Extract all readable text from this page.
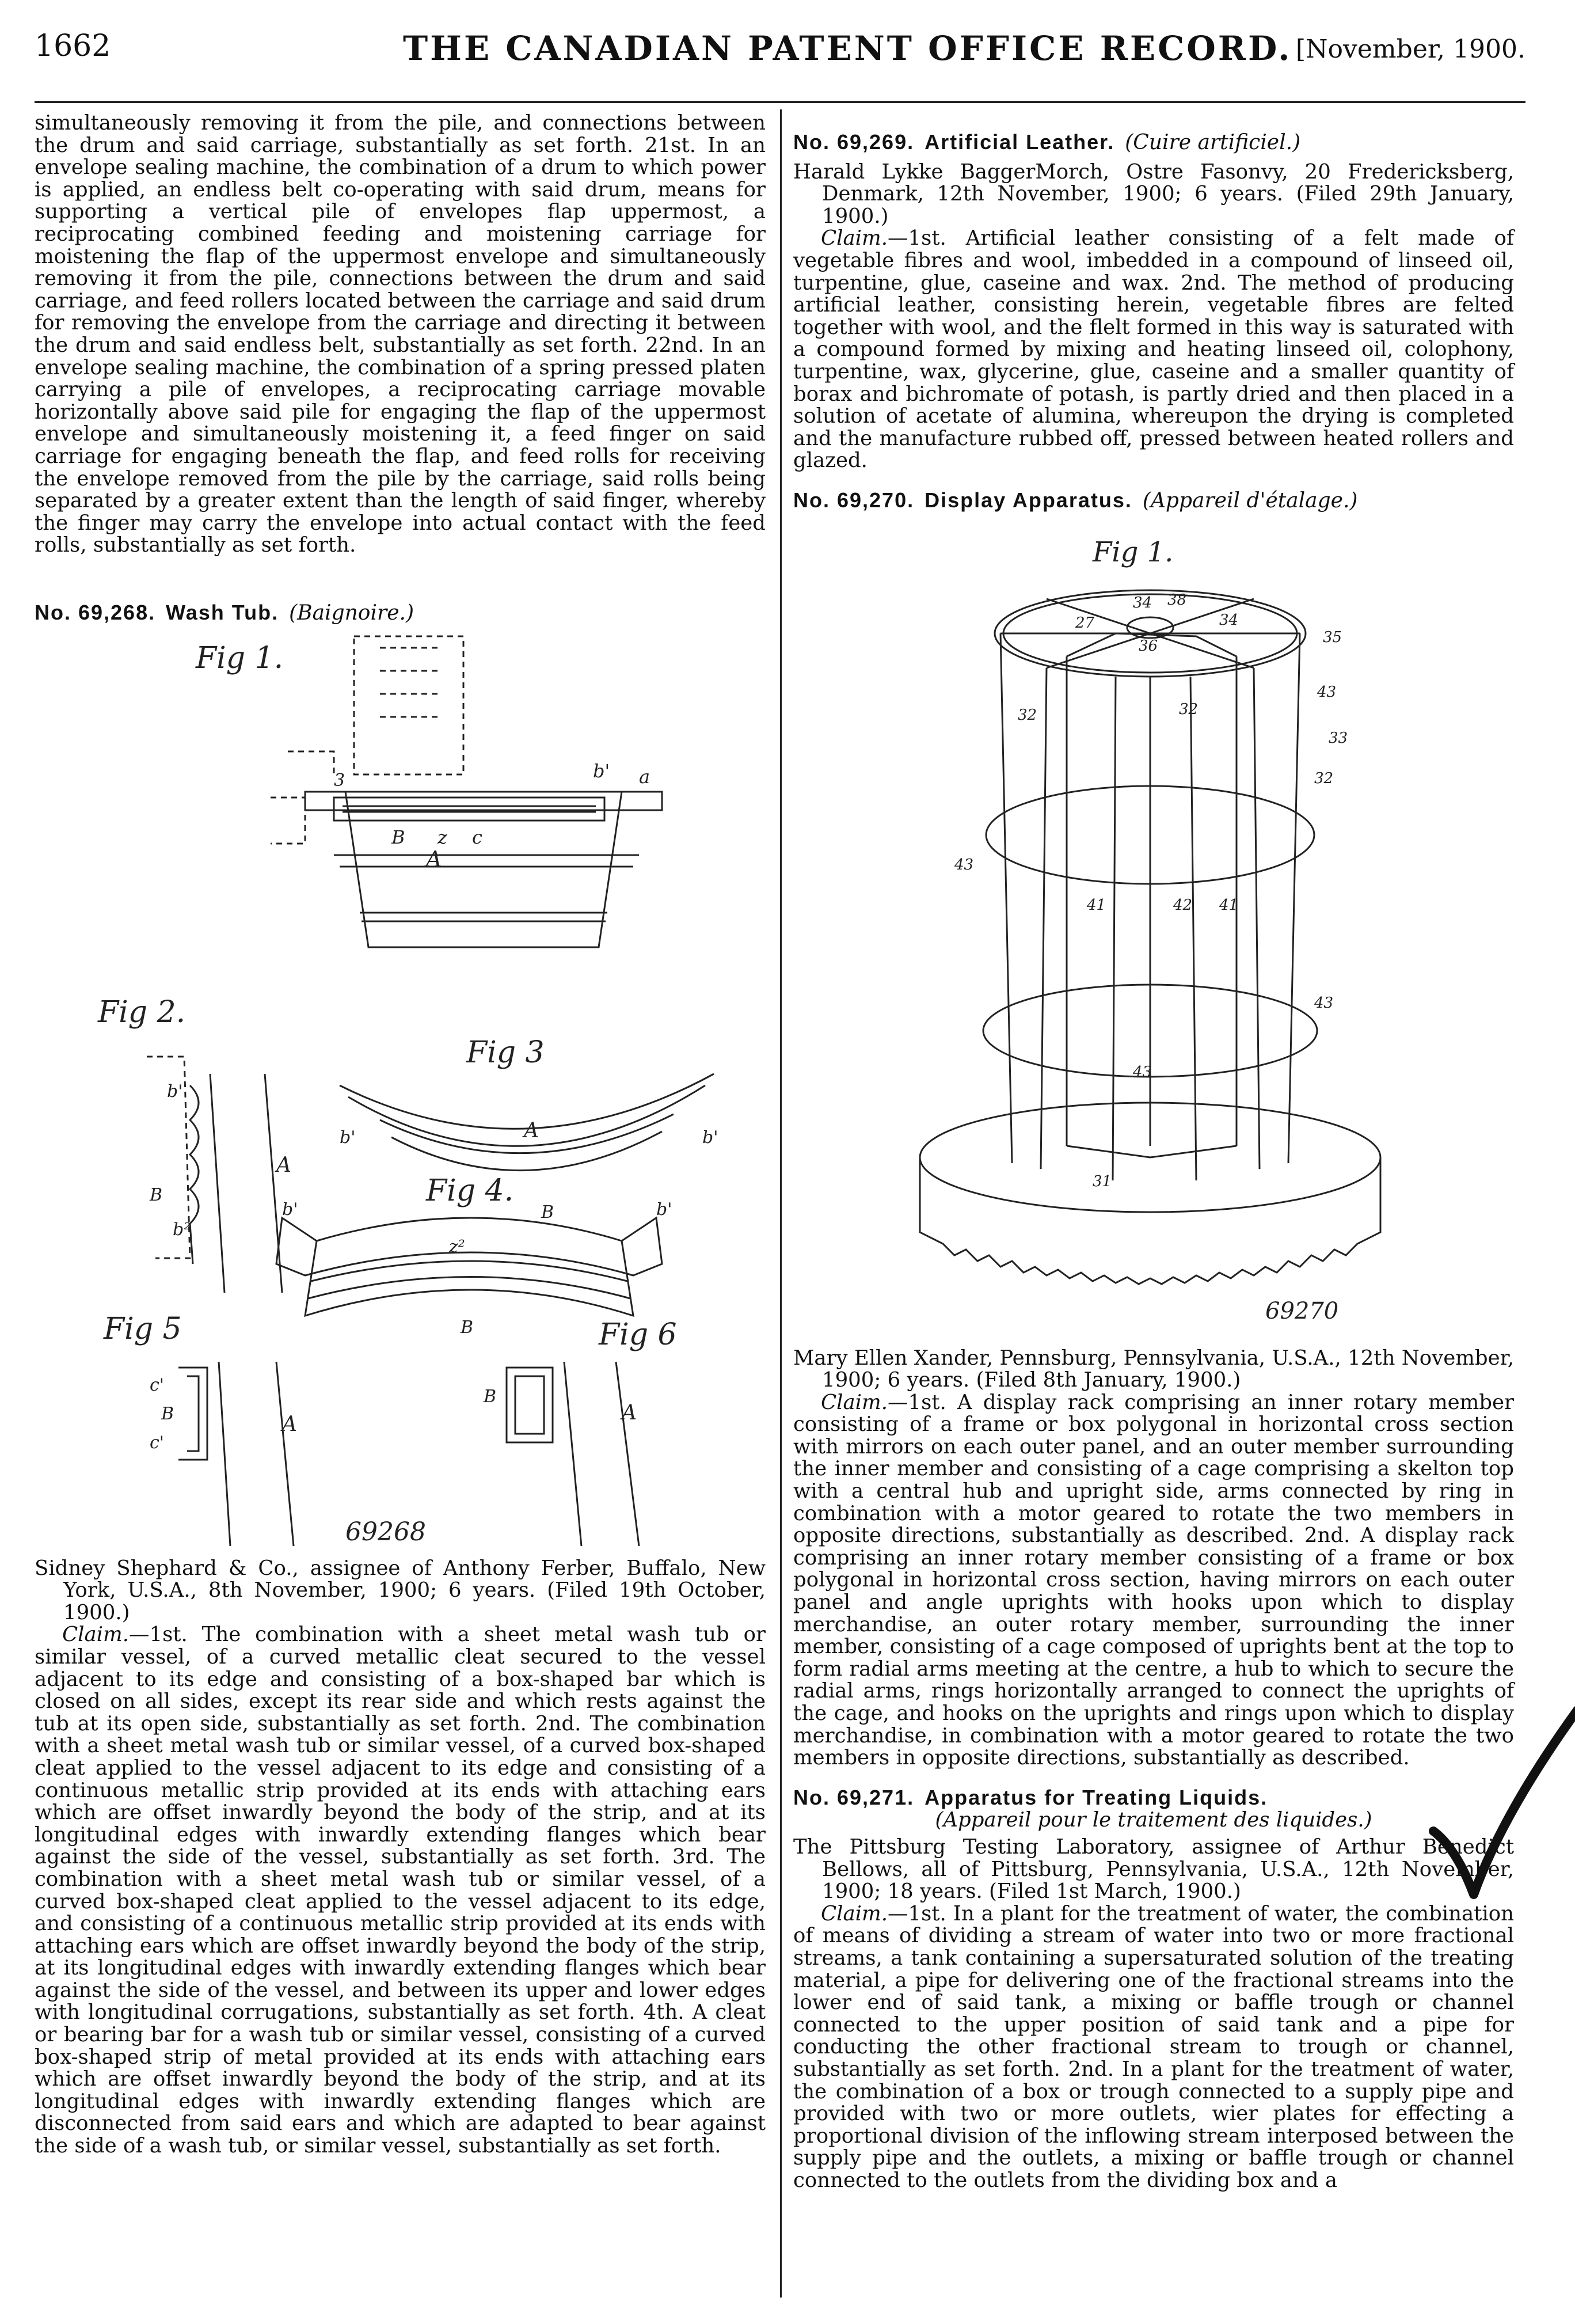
1662	THE CANADIAN PATENT OFFICE RECORD. [November, 1900.

simultaneously removing it from the pile, and connections between the drum and said carriage, substantially as set forth. 21st. In an envelope sealing machine, the combination of a drum to which power is applied, an endless belt co-operating with said drum, means for supporting a vertical pile of envelopes flap uppermost, a reciprocating combined feeding and moistening carriage for moistening the flap of the uppermost envelope and simultaneously removing it from the pile, connections between the drum and said carriage, and feed rollers located between the carriage and said drum for removing the envelope from the carriage and directing it between the drum and said endless belt, substantially as set forth. 22nd. In an envelope sealing machine, the combination of a spring pressed platen carrying a pile of envelopes, a reciprocating carriage movable horizontally above said pile for engaging the flap of the uppermost envelope and simultaneously moistening it, a feed finger on said carriage for engaging beneath the flap, and feed rolls for receiving the envelope removed from the pile by the carriage, said rolls being separated by a greater extent than the length of said finger, whereby the finger may carry the envelope into actual contact with the feed rolls, substantially as set forth.

No. 69,268. Wash Tub. (Baignoire.)

Fig 1.
A
B z c
a
b'
3
Fig 2.
A
b'
b²
B
Fig 3
A
B
b'	b'
Fig 4.
z²
b'	b'
B
Fig 5
c'
c'
B	A
Fig 6
B
A
69268

Sidney Shephard & Co., assignee of Anthony Ferber, Buffalo, New York, U.S.A., 8th November, 1900; 6 years. (Filed 19th October, 1900.)

Claim.—1st. The combination with a sheet metal wash tub or similar vessel, of a curved metallic cleat secured to the vessel adjacent to its edge and consisting of a box-shaped bar which is closed on all sides, except its rear side and which rests against the tub at its open side, substantially as set forth. 2nd. The combination with a sheet metal wash tub or similar vessel, of a curved box-shaped cleat applied to the vessel adjacent to its edge and consisting of a continuous metallic strip provided at its ends with attaching ears which are offset inwardly beyond the body of the strip, and at its longitudinal edges with inwardly extending flanges which bear against the side of the vessel, substantially as set forth. 3rd. The combination with a sheet metal wash tub or similar vessel, of a curved box-shaped cleat applied to the vessel adjacent to its edge, and consisting of a continuous metallic strip provided at its ends with attaching ears which are offset inwardly beyond the body of the strip, at its longitudinal edges with inwardly extending flanges which bear against the side of the vessel, and between its upper and lower edges with longitudinal corrugations, substantially as set forth. 4th. A cleat or bearing bar for a wash tub or similar vessel, consisting of a curved box-shaped strip of metal provided at its ends with attaching ears which are offset inwardly beyond the body of the strip, and at its longitudinal edges with inwardly extending flanges which are disconnected from said ears and which are adapted to bear against the side of a wash tub, or similar vessel, substantially as set forth.

No. 69,269. Artificial Leather. (Cuire artificiel.)

Harald Lykke BaggerMorch, Ostre Fasonvy, 20 Fredericksberg, Denmark, 12th November, 1900; 6 years. (Filed 29th January, 1900.)

Claim.—1st. Artificial leather consisting of a felt made of vegetable fibres and wool, imbedded in a compound of linseed oil, turpentine, glue, caseine and wax. 2nd. The method of producing artificial leather, consisting herein, vegetable fibres are felted together with wool, and the flelt formed in this way is saturated with a compound formed by mixing and heating linseed oil, colophony, turpentine, wax, glycerine, glue, caseine and a smaller quantity of borax and bichromate of potash, is partly dried and then placed in a solution of acetate of alumina, whereupon the drying is completed and the manufacture rubbed off, pressed between heated rollers and glazed.

No. 69,270. Display Apparatus. (Appareil d'étalage.)

Fig 1.
34 38
34
27
36	35
32	32
32
43
33
43
41	42 41
43
43
31
69270

Mary Ellen Xander, Pennsburg, Pennsylvania, U.S.A., 12th November, 1900; 6 years. (Filed 8th January, 1900.)

Claim.—1st. A display rack comprising an inner rotary member consisting of a frame or box polygonal in horizontal cross section with mirrors on each outer panel, and an outer member surrounding the inner member and consisting of a cage comprising a skelton top with a central hub and upright side, arms connected by ring in combination with a motor geared to rotate the two members in opposite directions, substantially as described. 2nd. A display rack comprising an inner rotary member consisting of a frame or box polygonal in horizontal cross section, having mirrors on each outer panel and angle uprights with hooks upon which to display merchandise, an outer rotary member, surrounding the inner member, consisting of a cage composed of uprights bent at the top to form radial arms meeting at the centre, a hub to which to secure the radial arms, rings horizontally arranged to connect the uprights of the cage, and hooks on the uprights and rings upon which to display merchandise, in combination with a motor geared to rotate the two members in opposite directions, substantially as described.

No. 69,271. Apparatus for Treating Liquids.

(Appareil pour le traitement des liquides.)

The Pittsburg Testing Laboratory, assignee of Arthur Benedict Bellows, all of Pittsburg, Pennsylvania, U.S.A., 12th November, 1900; 18 years. (Filed 1st March, 1900.)

Claim.—1st. In a plant for the treatment of water, the combination of means of dividing a stream of water into two or more fractional streams, a tank containing a supersaturated solution of the treating material, a pipe for delivering one of the fractional streams into the lower end of said tank, a mixing or baffle trough or channel connected to the upper position of said tank and a pipe for conducting the other fractional stream to trough or channel, substantially as set forth. 2nd. In a plant for the treatment of water, the combination of a box or trough connected to a supply pipe and provided with two or more outlets, wier plates for effecting a proportional division of the inflowing stream interposed between the supply pipe and the outlets, a mixing or baffle trough or channel connected to the outlets from the dividing box and a
